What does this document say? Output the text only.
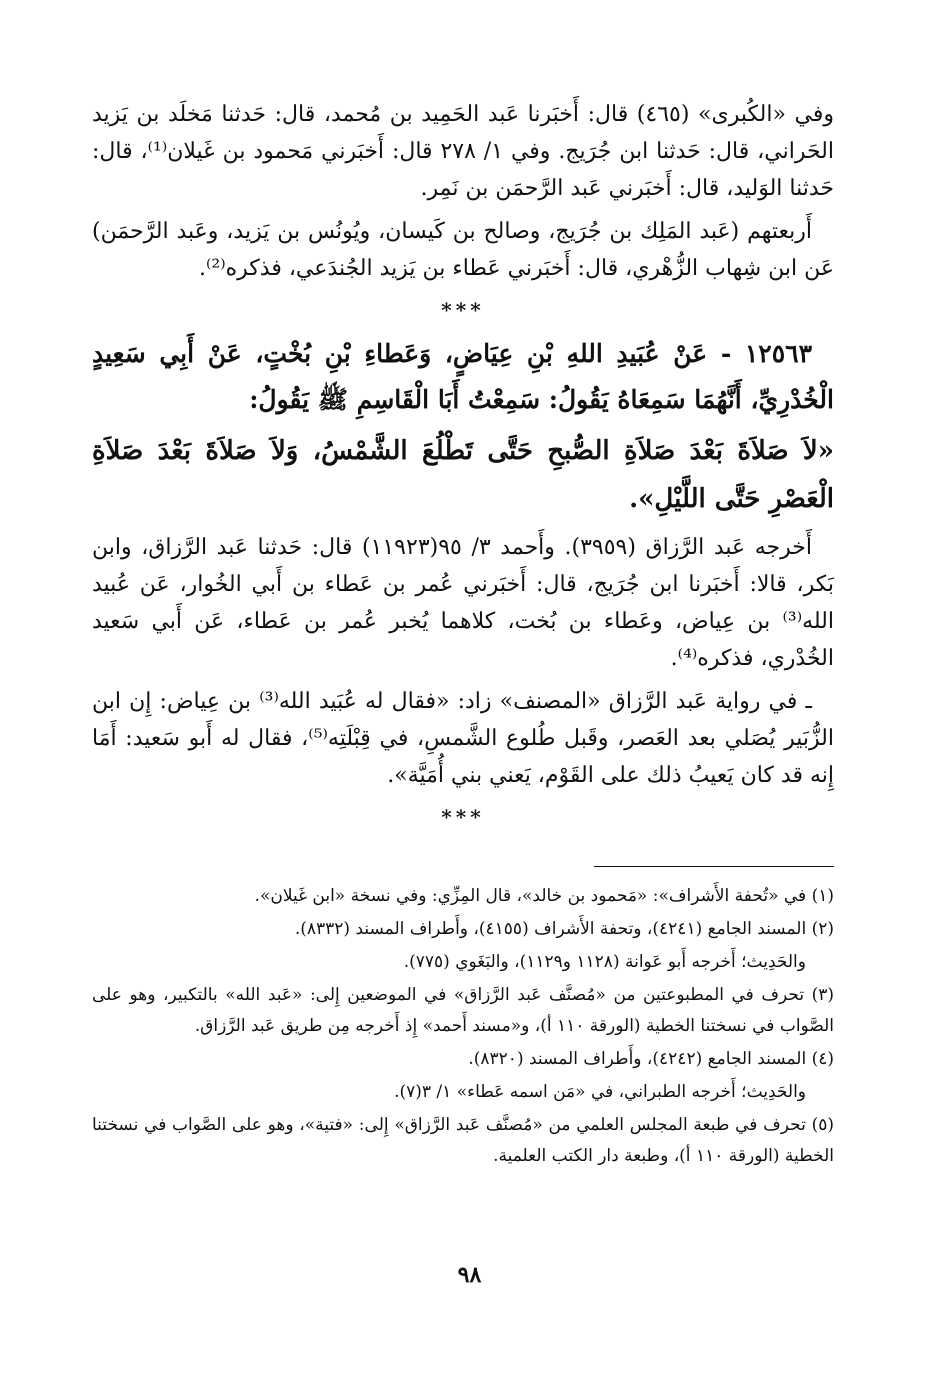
وفي «الكُبرى» (٤٦٥) قال: أَخبَرنا عَبد الحَمِيد بن مُحمد، قال: حَدثنا مَخلَد بن يَزيد الحَراني، قال: حَدثنا ابن جُرَيج. وفي ١/ ٢٧٨ قال: أَخبَرني مَحمود بن غَيلان⁽¹⁾، قال: حَدثنا الوَليد، قال: أَخبَرني عَبد الرَّحمَن بن نَمِر.

أَربعتهم (عَبد المَلِك بن جُرَيج، وصالح بن كَيسان، ويُونُس بن يَزيد، وعَبد الرَّحمَن) عَن ابن شِهاب الزُّهْري، قال: أَخبَرني عَطاء بن يَزيد الجُندَعي، فذكره⁽²⁾.

***

١٢٥٦٣ - عَنْ عُبَيدِ اللهِ بْنِ عِيَاضٍ، وَعَطاءِ بْنِ بُخْتٍ، عَنْ أَبِي سَعِيدٍ الْخُدْرِيِّ، أَنَّهُمَا سَمِعَاهُ يَقُولُ: سَمِعْتُ أَبَا الْقَاسِمِ ﷺ يَقُولُ:

«لاَ صَلاَةَ بَعْدَ صَلاَةِ الصُّبحِ حَتَّى تَطْلُعَ الشَّمْسُ، وَلاَ صَلاَةَ بَعْدَ صَلاَةِ الْعَصْرِ حَتَّى اللَّيْلِ».

أَخرجه عَبد الرَّزاق (٣٩٥٩). وأَحمد ٣/ ٩٥(١١٩٢٣) قال: حَدثنا عَبد الرَّزاق، وابن بَكر، قالا: أَخبَرنا ابن جُرَيج، قال: أَخبَرني عُمر بن عَطاء بن أَبي الخُوار، عَن عُبيد الله⁽³⁾ بن عِياض، وعَطاء بن بُخت، كلاهما يُخبر عُمر بن عَطاء، عَن أَبي سَعيد الخُدْري، فذكره⁽⁴⁾.

ـ في رواية عَبد الرَّزاق «المصنف» زاد: «فقال له عُبَيد الله⁽³⁾ بن عِياض: إِن ابن الزُّبَير يُصَلي بعد العَصر، وقَبل طُلوع الشَّمسِ، في قِبْلَتِه⁽⁵⁾، فقال له أَبو سَعيد: أَمَا إِنه قد كان يَعيبُ ذلك على القَوْم، يَعني بني أُمَيَّة».

***

(١) في «تُحفة الأَشراف»: «مَحمود بن خالد»، قال المِزِّي: وفي نسخة «ابن غَيلان».

(٢) المسند الجامع (٤٢٤١)، وتحفة الأَشراف (٤١٥٥)، وأَطراف المسند (٨٣٣٢).

والحَدِيث؛ أَخرجه أَبو عَوانة (١١٢٨ و١١٢٩)، والبَغَوي (٧٧٥).

(٣) تحرف في المطبوعتين من «مُصنَّف عَبد الرَّزاق» في الموضعين إِلى: «عَبد الله» بالتكبير، وهو على الصَّواب في نسختنا الخطية (الورقة ١١٠ أ)، و«مسند أَحمد» إِذ أَخرجه مِن طريق عَبد الرَّزاق.

(٤) المسند الجامع (٤٢٤٢)، وأَطراف المسند (٨٣٢٠).

والحَدِيث؛ أَخرجه الطبراني، في «مَن اسمه عَطاء» ١/ ٣(٧).

(٥) تحرف في طبعة المجلس العلمي من «مُصنَّف عَبد الرَّزاق» إِلى: «فتية»، وهو على الصَّواب في نسختنا الخطية (الورقة ١١٠ أ)، وطبعة دار الكتب العلمية.

٩٨
